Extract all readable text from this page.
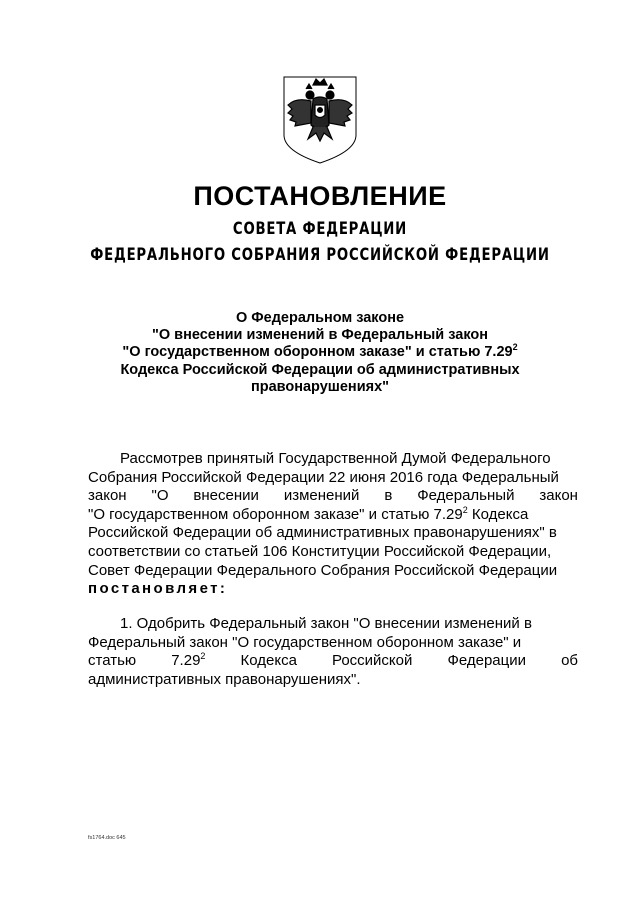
ПОСТАНОВЛЕНИЕ
СОВЕТА ФЕДЕРАЦИИ
ФЕДЕРАЛЬНОГО СОБРАНИЯ РОССИЙСКОЙ ФЕДЕРАЦИИ
О Федеральном законе
"О внесении изменений в Федеральный закон
"О государственном оборонном заказе" и статью 7.29$^2$
Кодекса Российской Федерации об административных
правонарушениях"
Рассмотрев принятый Государственной Думой Федерального
Собрания Российской Федерации 22 июня 2016 года Федеральный
закон "О внесении изменений в Федеральный закон
"О государственном оборонном заказе" и статью 7.29$^2$ Кодекса
Российской Федерации об административных правонарушениях" в
соответствии со статьей 106 Конституции Российской Федерации,
Совет Федерации Федерального Собрания Российской Федерации
постановляет:
1. Одобрить Федеральный закон "О внесении изменений в
Федеральный закон "О государственном оборонном заказе" и
статью 7.29$^2$ Кодекса Российской Федерации об
административных правонарушениях".
fs1764.doc 645
